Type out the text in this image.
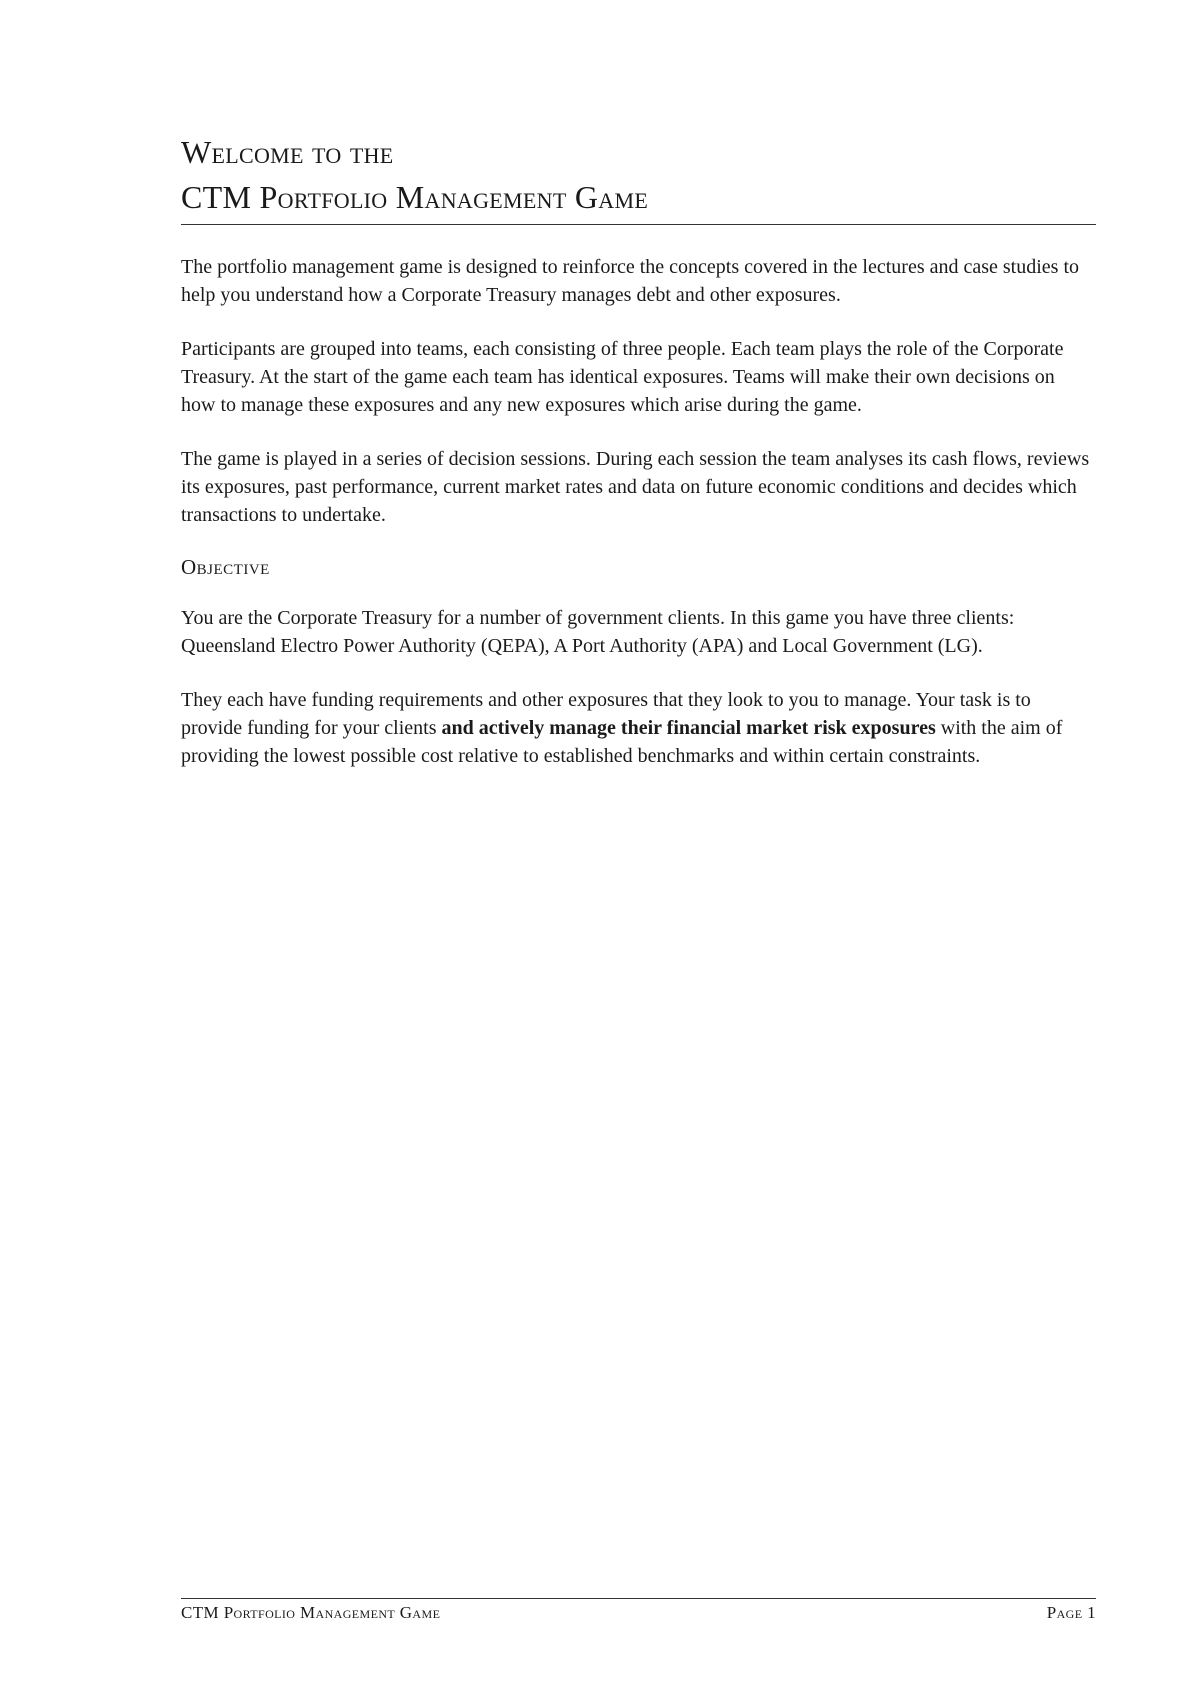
Welcome to the
CTM Portfolio Management Game

The portfolio management game is designed to reinforce the concepts covered in the lectures and case studies to help you understand how a Corporate Treasury manages debt and other exposures.

Participants are grouped into teams, each consisting of three people. Each team plays the role of the Corporate Treasury. At the start of the game each team has identical exposures. Teams will make their own decisions on how to manage these exposures and any new exposures which arise during the game.

The game is played in a series of decision sessions. During each session the team analyses its cash flows, reviews its exposures, past performance, current market rates and data on future economic conditions and decides which transactions to undertake.

Objective

You are the Corporate Treasury for a number of government clients. In this game you have three clients: Queensland Electro Power Authority (QEPA), A Port Authority (APA) and Local Government (LG).

They each have funding requirements and other exposures that they look to you to manage. Your task is to provide funding for your clients and actively manage their financial market risk exposures with the aim of providing the lowest possible cost relative to established benchmarks and within certain constraints.

CTM Portfolio Management Game	Page 1
